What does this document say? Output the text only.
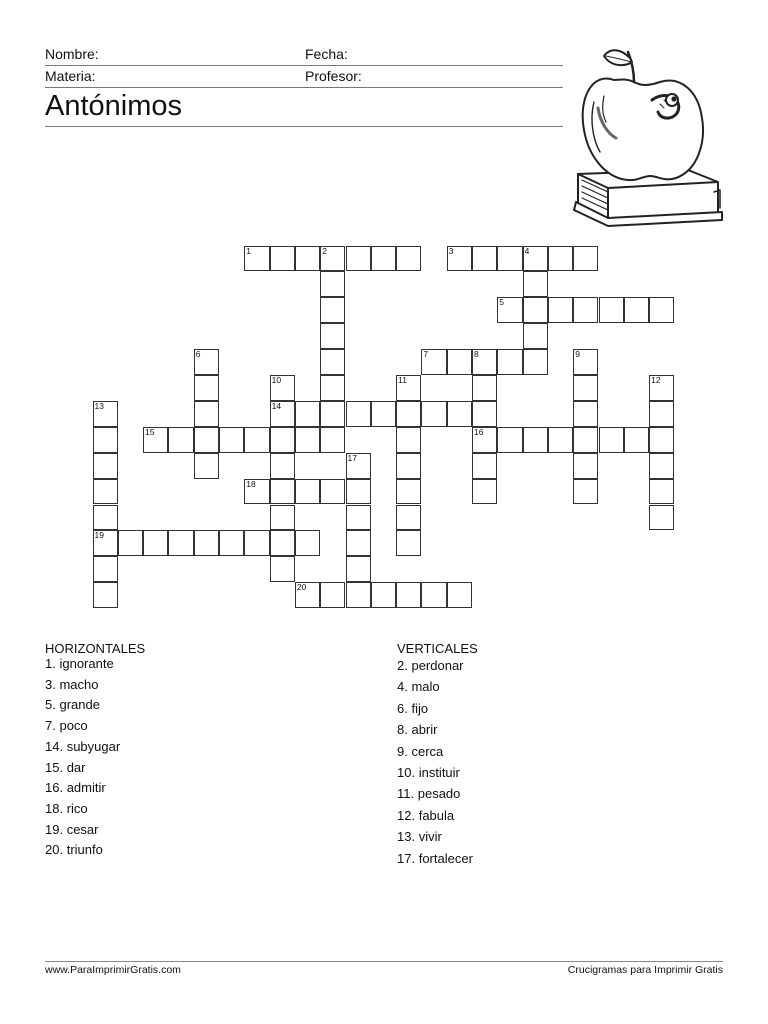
Nombre:	Fecha:
Materia:	Profesor:
Antónimos
1	2	3	4
5
7	8
14
15	16
18
19
20
6	9
10	11	12
13
17
HORIZONTALES
1. ignorante
3. macho
5. grande
7. poco
14. subyugar
15. dar
16. admitir
18. rico
19. cesar
20. triunfo
VERTICALES
2. perdonar
4. malo
6. fijo
8. abrir
9. cerca
10. instituir
11. pesado
12. fabula
13. vivir
17. fortalecer
www.ParaImprimirGratis.com	Crucigramas para Imprimir Gratis
